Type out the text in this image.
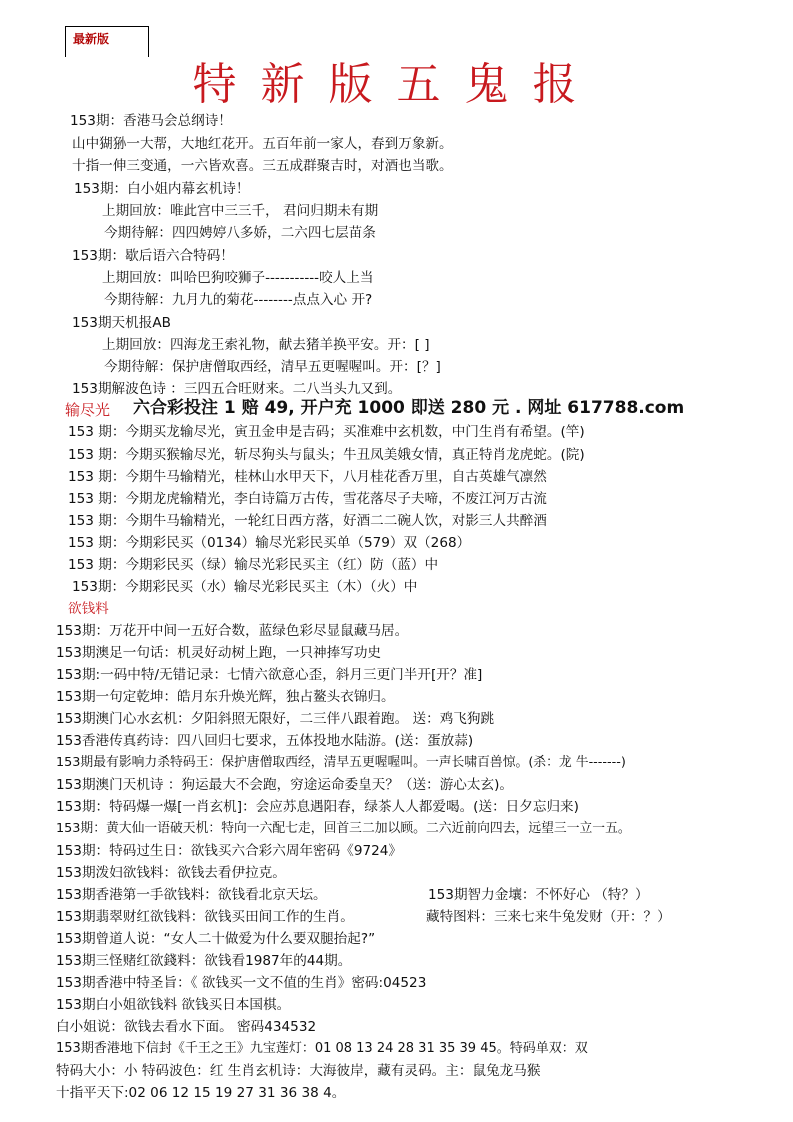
最新版
特新版五鬼报
153期：香港马会总纲诗！
山中猢狲一大帮，大地红花开。五百年前一家人，春到万象新。
十指一伸三变通，一六皆欢喜。三五成群聚吉时，对酒也当歌。
153期：白小姐内幕玄机诗！
上期回放：唯此宫中三三千， 君问归期未有期
今期待解：四四娉婷八多娇，二六四七层苗条
153期：歇后语六合特码！
上期回放：叫哈巴狗咬狮子-----------咬人上当
今期待解：九月九的菊花--------点点入心 开?
153期天机报AB
上期回放：四海龙王索礼物，献去猪羊换平安。开：[ ]
今期待解：保护唐僧取西经，清早五更喔喔叫。开：[？]
153期解波色诗 ：三四五合旺财来。二八当头九又到。
输尽光 六合彩投注 1 赔 49, 开户充 1000 即送 280 元 . 网址 617788.com
153 期：今期买龙输尽光，寅丑金申是吉码；买准难中玄机数，中门生肖有希望。(竿)
153 期：今期买猴输尽光，斩尽狗头与鼠头；牛丑凤美娥女情，真正特肖龙虎蛇。(院)
153 期：今期牛马输精光，桂林山水甲天下，八月桂花香万里，自古英雄气凛然
153 期：今期龙虎输精光，李白诗篇万古传，雪花落尽子夫啼，不废江河万古流
153 期：今期牛马输精光，一轮红日西方落，好酒二二碗人饮，对影三人共醉酒
153 期：今期彩民买（0134）输尽光彩民买单（579）双（268）
153 期：今期彩民买（绿）输尽光彩民买主（红）防（蓝）中
153期：今期彩民买（水）输尽光彩民买主（木）（火）中
欲钱料
153期：万花开中间一五好合数，蓝绿色彩尽显鼠藏马居。
153期澳足一句话：机灵好动树上跑，一只神捧写功史
153期:一码中特/无错记录：七情六欲意心歪，斜月三更门半开[开？准]
153期一句定乾坤：皓月东升焕光辉，独占鳌头衣锦归。
153期澳门心水玄机：夕阳斜照无限好，二三伴八跟着跑。 送：鸡飞狗跳
153香港传真药诗：四八回归七要求，五体投地水陆游。(送：蛋放蒜)
153期最有影响力杀特码王：保护唐僧取西经，清早五更喔喔叫。一声长啸百兽惊。(杀：龙 牛-------)
153期澳门天机诗 ：狗运最大不会跑，穷途运命委皇天？（送：游心太玄)。
153期：特码爆一爆[一肖玄机]：会应苏息遇阳春，绿茶人人都爱喝。(送：日夕忘归来)
153期：黄大仙一语破天机：特向一六配七走，回首三二加以顾。二六近前向四去，远望三一立一五。
153期：特码过生日：欲钱买六合彩六周年密码《9724》
153期泼妇欲钱料：欲钱去看伊拉克。
153期香港第一手欲钱料：欲钱看北京天坛。	153期智力金壤：不怀好心 （特？）
153期翡翠财红欲钱料：欲钱买田间工作的生肖。	藏特图料：三来七来牛兔发财（开：？）
153期曾道人说：“女人二十做爱为什么要双腿抬起?”
153期三怪赌红欲錢料：欲钱看1987年的44期。
153期香港中特圣旨：《 欲钱买一文不值的生肖》密码:04523
153期白小姐欲钱料 欲钱买日本国棋。
白小姐说：欲钱去看水下面。 密码434532
153期香港地下信封《千王之王》九宝莲灯：01 08 13 24 28 31 35 39 45。特码单双：双
特码大小：小 特码波色：红 生肖玄机诗：大海彼岸，藏有灵码。主：鼠兔龙马猴
十指平天下:02 06 12 15 19 27 31 36 38 4。
